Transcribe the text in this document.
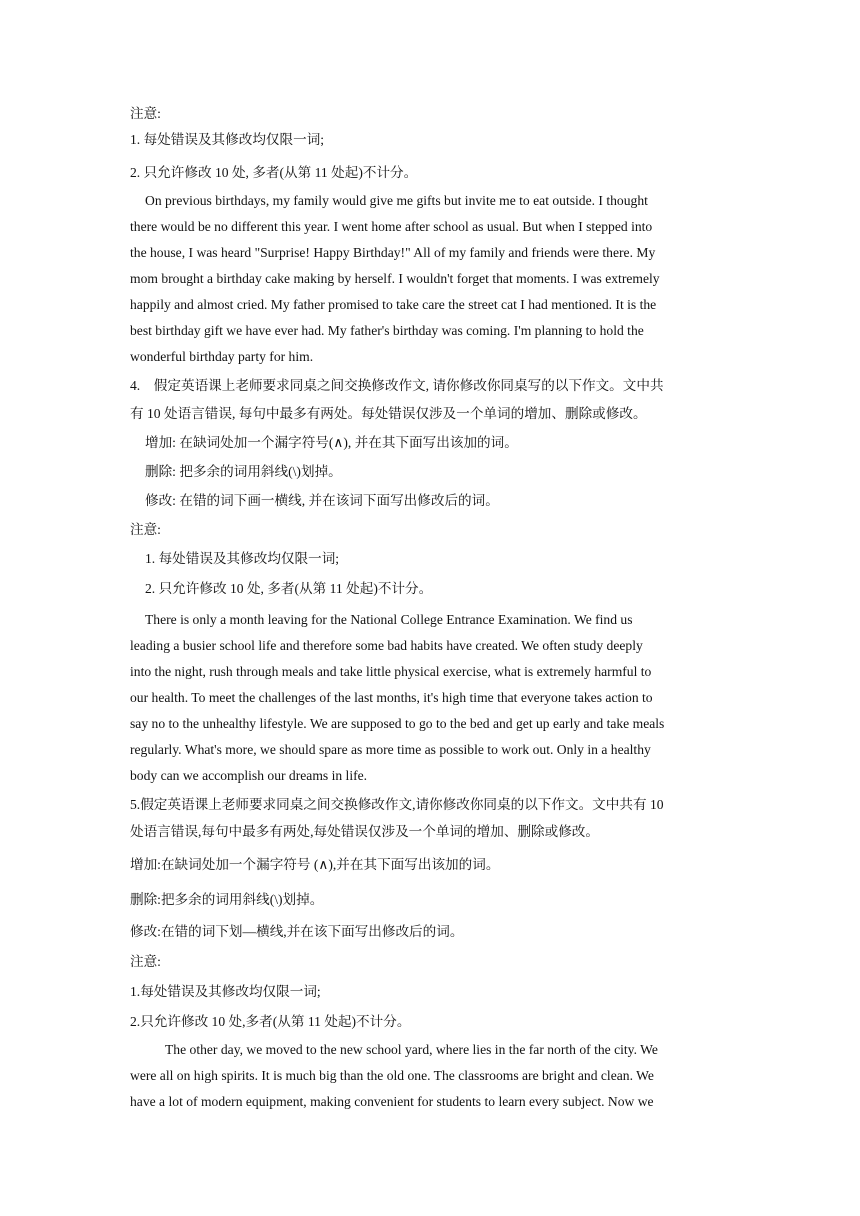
注意:
1. 每处错误及其修改均仅限一词;
2. 只允许修改 10 处, 多者(从第 11 处起)不计分。
On previous birthdays, my family would give me gifts but invite me to eat outside. I thought
there would be no different this year. I went home after school as usual. But when I stepped into
the house, I was heard "Surprise! Happy Birthday!" All of my family and friends were there. My
mom brought a birthday cake making by herself. I wouldn't forget that moments. I was extremely
happily and almost cried. My father promised to take care the street cat I had mentioned. It is the
best birthday gift we have ever had. My father's birthday was coming. I'm planning to hold the
wonderful birthday party for him.
4.　假定英语课上老师要求同桌之间交换修改作文, 请你修改你同桌写的以下作文。文中共
有 10 处语言错误, 每句中最多有两处。每处错误仅涉及一个单词的增加、删除或修改。
增加: 在缺词处加一个漏字符号(∧), 并在其下面写出该加的词。
删除: 把多余的词用斜线(\)划掉。
修改: 在错的词下画一横线, 并在该词下面写出修改后的词。
注意:
1. 每处错误及其修改均仅限一词;
2. 只允许修改 10 处, 多者(从第 11 处起)不计分。
There is only a month leaving for the National College Entrance Examination. We find us
leading a busier school life and therefore some bad habits have created. We often study deeply
into the night, rush through meals and take little physical exercise, what is extremely harmful to
our health. To meet the challenges of the last months, it's high time that everyone takes action to
say no to the unhealthy lifestyle. We are supposed to go to the bed and get up early and take meals
regularly. What's more, we should spare as more time as possible to work out. Only in a healthy
body can we accomplish our dreams in life.
5.假定英语课上老师要求同桌之间交换修改作文,请你修改你同桌的以下作文。文中共有 10
处语言错误,每句中最多有两处,每处错误仅涉及一个单词的增加、删除或修改。
增加:在缺词处加一个漏字符号 (∧),并在其下面写出该加的词。
删除:把多余的词用斜线(\)划掉。
修改:在错的词下划—横线,并在该下面写出修改后的词。
注意:
1.每处错误及其修改均仅限一词;
2.只允许修改 10 处,多者(从第 11 处起)不计分。
The other day, we moved to the new school yard, where lies in the far north of the city. We
were all on high spirits. It is much big than the old one. The classrooms are bright and clean. We
have a lot of modern equipment, making convenient for students to learn every subject. Now we
